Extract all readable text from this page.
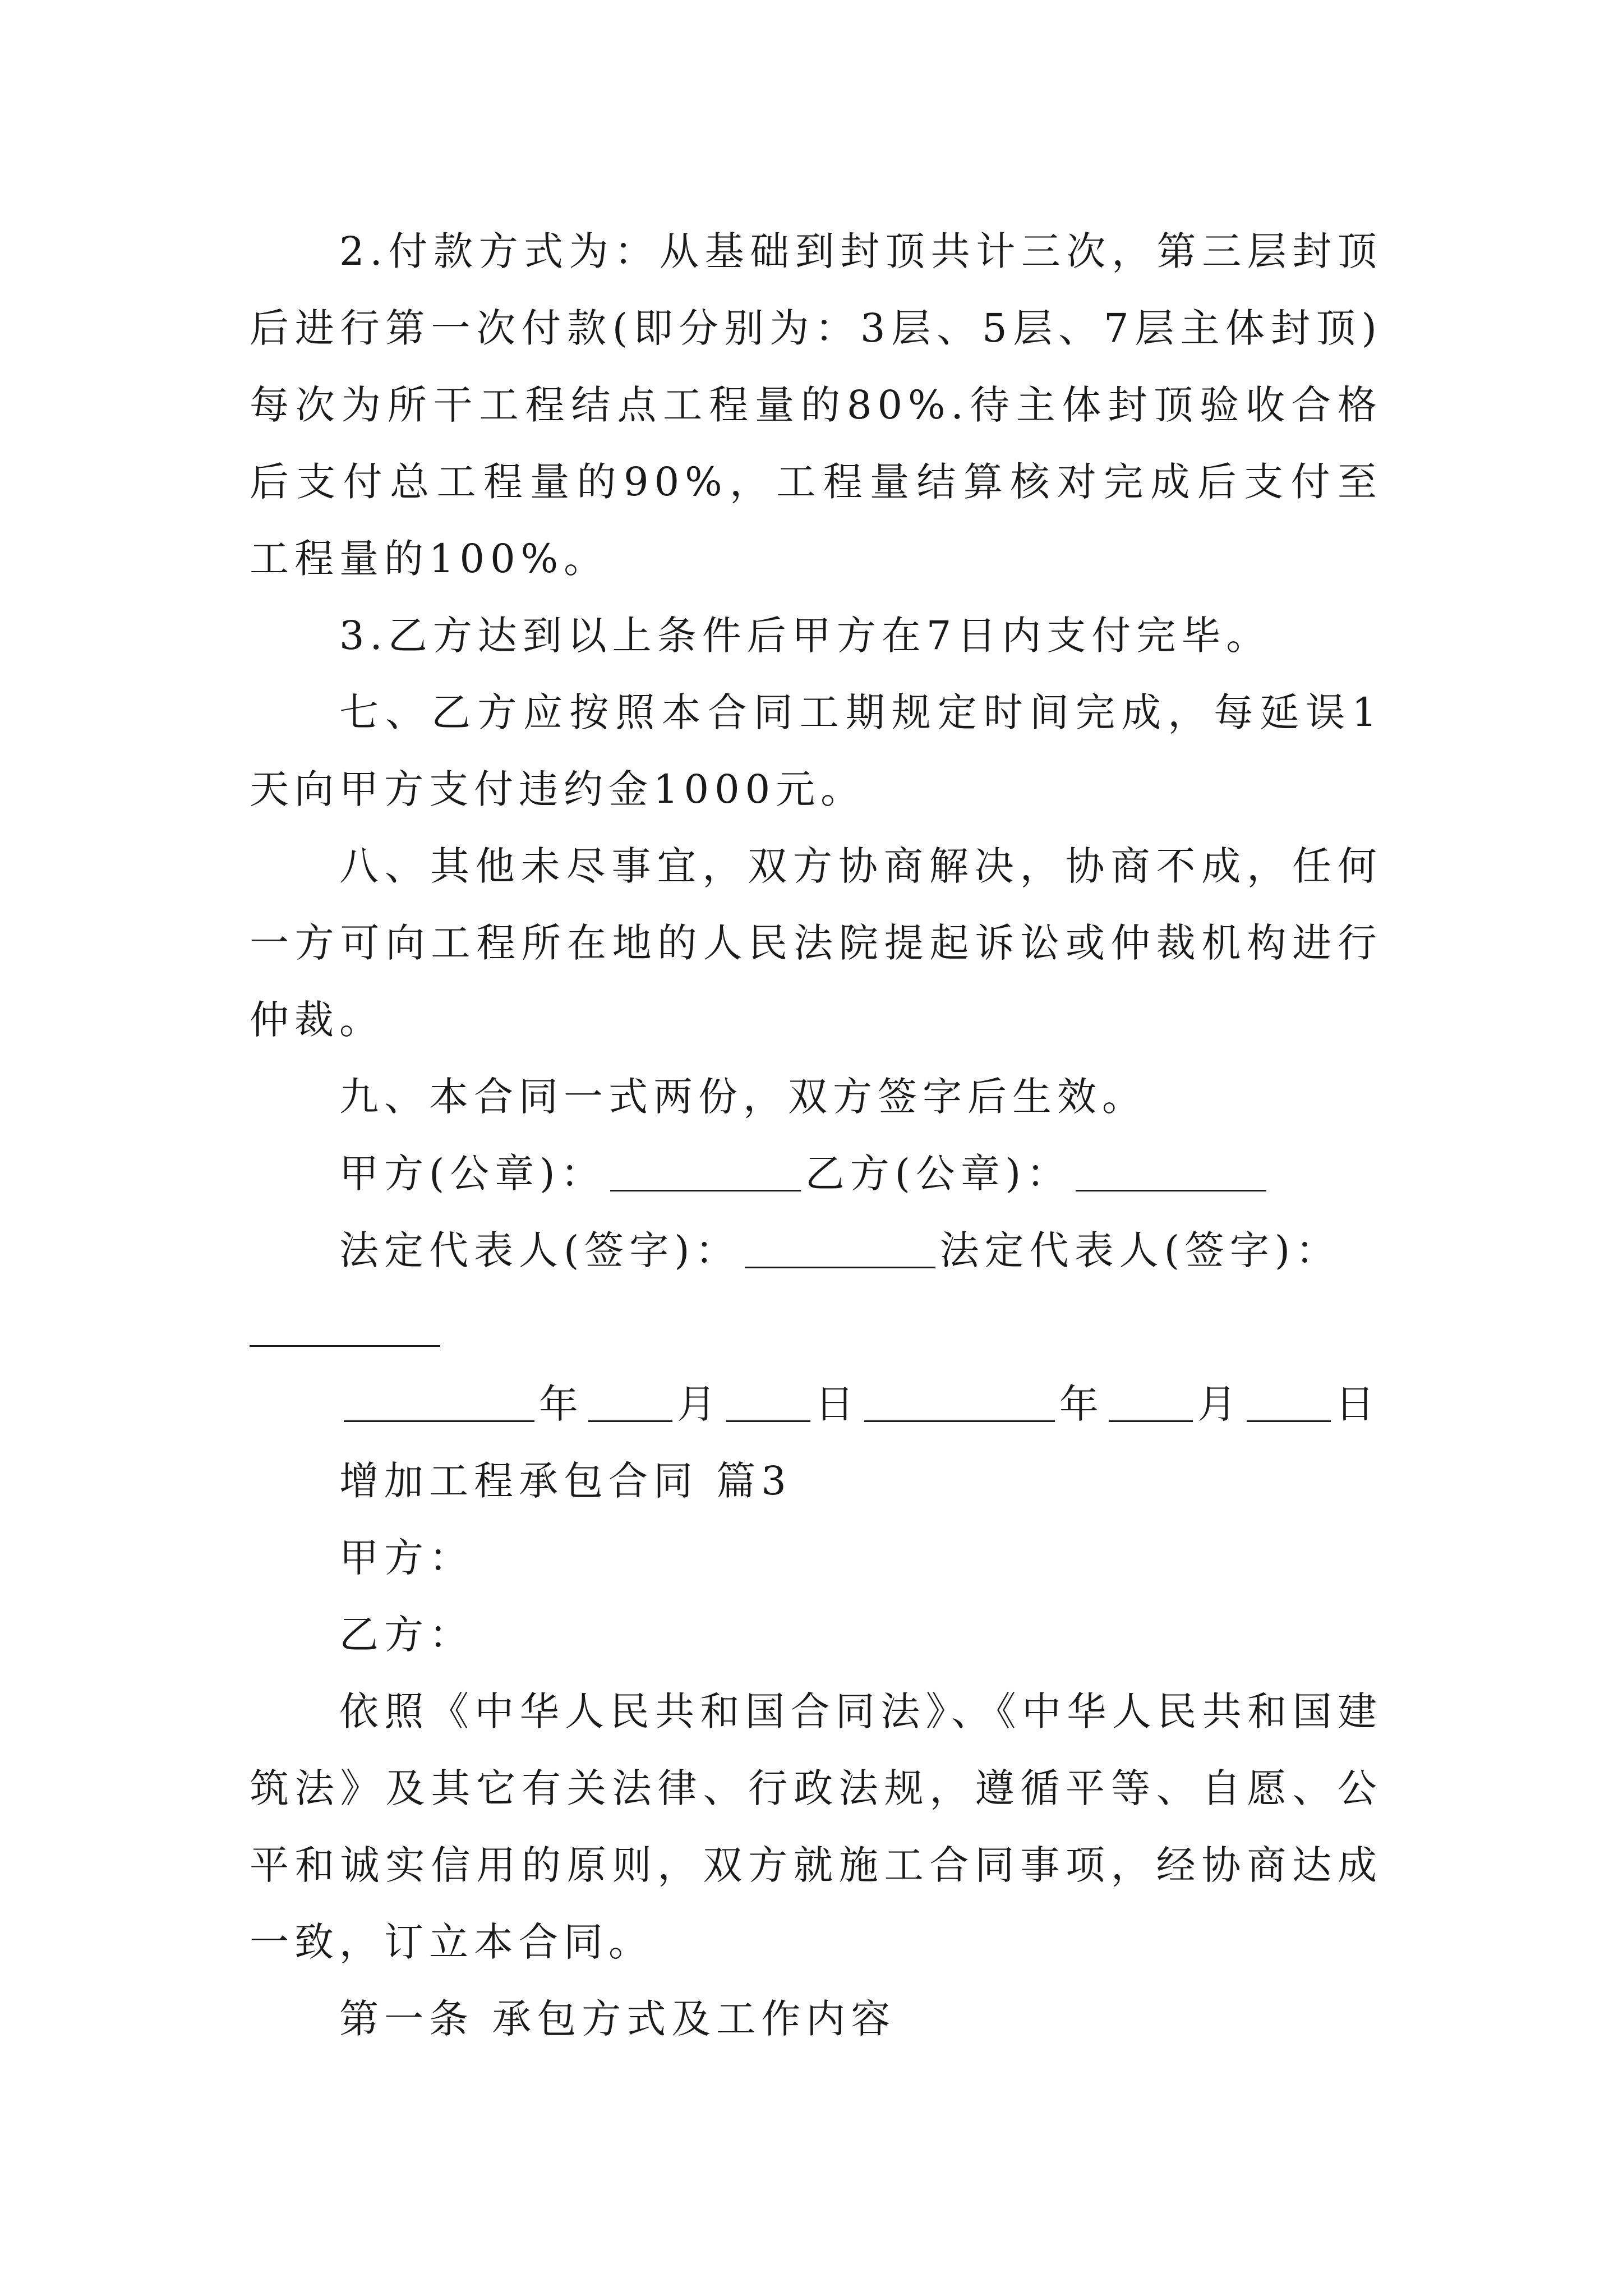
2.付款方式为：从基础到封顶共计三次，第三层封顶后进行第一次付款(即分别为：3层、5层、7层主体封顶)每次为所干工程结点工程量的80%.待主体封顶验收合格后支付总工程量的90%，工程量结算核对完成后支付至工程量的100%。

3.乙方达到以上条件后甲方在7日内支付完毕。

七、乙方应按照本合同工期规定时间完成，每延误1天向甲方支付违约金1000元。

八、其他未尽事宜，双方协商解决，协商不成，任何一方可向工程所在地的人民法院提起诉讼或仲裁机构进行仲裁。

九、本合同一式两份，双方签字后生效。

甲方(公章)：	乙方(公章)：
法定代表人(签字)：	法定代表人(签字)：
年 月 日	年 月 日

增加工程承包合同 篇3

甲方：

乙方：

依照《中华人民共和国合同法》、《中华人民共和国建筑法》及其它有关法律、行政法规，遵循平等、自愿、公平和诚实信用的原则，双方就施工合同事项，经协商达成一致，订立本合同。

第一条 承包方式及工作内容
